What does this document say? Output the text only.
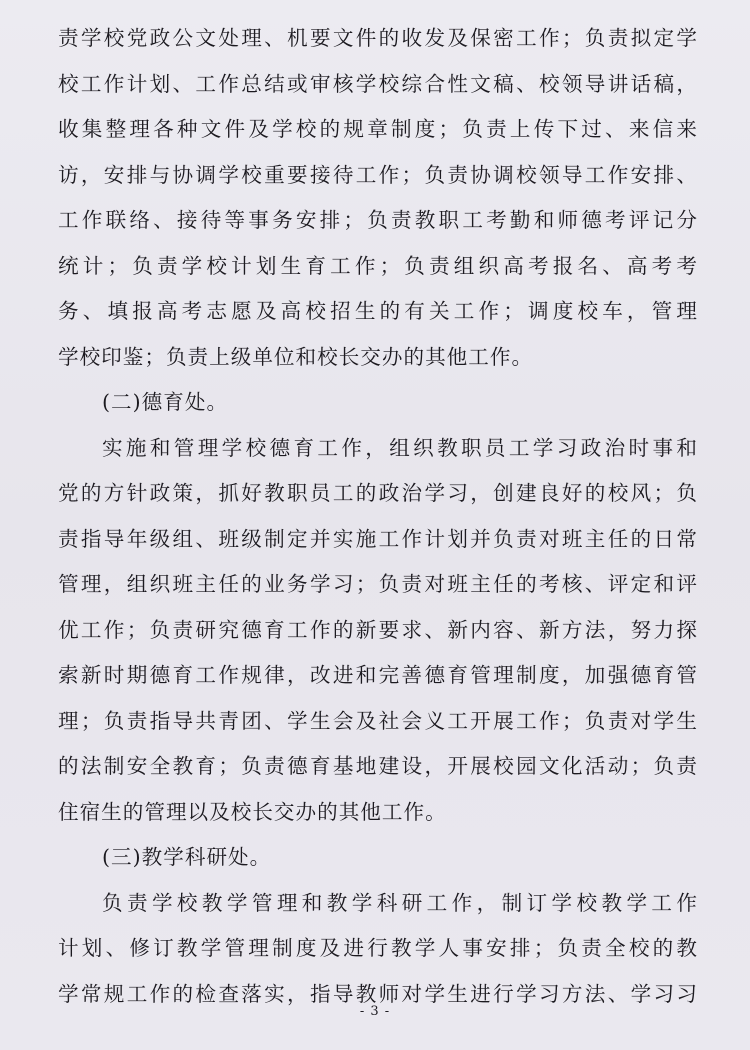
责学校党政公文处理、机要文件的收发及保密工作；负责拟定学
校工作计划、工作总结或审核学校综合性文稿、校领导讲话稿，
收集整理各种文件及学校的规章制度；负责上传下过、来信来
访，安排与协调学校重要接待工作；负责协调校领导工作安排、
工作联络、接待等事务安排；负责教职工考勤和师德考评记分
统计；负责学校计划生育工作；负责组织高考报名、高考考
务、填报高考志愿及高校招生的有关工作；调度校车，管理
学校印鉴；负责上级单位和校长交办的其他工作。
(二)德育处。
实施和管理学校德育工作，组织教职员工学习政治时事和
党的方针政策，抓好教职员工的政治学习，创建良好的校风；负
责指导年级组、班级制定并实施工作计划并负责对班主任的日常
管理，组织班主任的业务学习；负责对班主任的考核、评定和评
优工作；负责研究德育工作的新要求、新内容、新方法，努力探
索新时期德育工作规律，改进和完善德育管理制度，加强德育管
理；负责指导共青团、学生会及社会义工开展工作；负责对学生
的法制安全教育；负责德育基地建设，开展校园文化活动；负责
住宿生的管理以及校长交办的其他工作。
(三)教学科研处。
负责学校教学管理和教学科研工作，制订学校教学工作
计划、修订教学管理制度及进行教学人事安排；负责全校的教
学常规工作的检查落实，指导教师对学生进行学习方法、学习习
- 3 -
